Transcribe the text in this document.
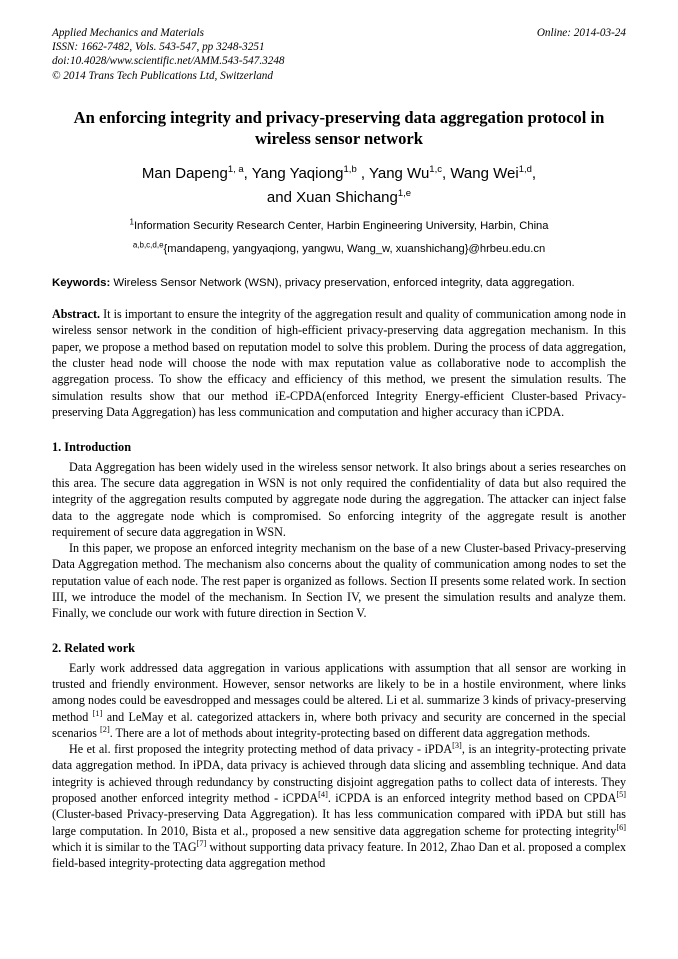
Applied Mechanics and Materials	Online: 2014-03-24
ISSN: 1662-7482, Vols. 543-547, pp 3248-3251
doi:10.4028/www.scientific.net/AMM.543-547.3248
© 2014 Trans Tech Publications Ltd, Switzerland
An enforcing integrity and privacy-preserving data aggregation protocol in wireless sensor network
Man Dapeng$^{1, a}$, Yang Yaqiong$^{1,b}$ , Yang Wu$^{1,c}$, Wang Wei$^{1,d}$,
and Xuan Shichang$^{1,e}$
$^1$Information Security Research Center, Harbin Engineering University, Harbin, China
$^{a,b,c,d,e}${mandapeng, yangyaqiong, yangwu, Wang_w, xuanshichang}@hrbeu.edu.cn
Keywords: Wireless Sensor Network (WSN), privacy preservation, enforced integrity, data aggregation.
Abstract. It is important to ensure the integrity of the aggregation result and quality of communication among node in wireless sensor network in the condition of high-efficient privacy-preserving data aggregation mechanism. In this paper, we propose a method based on reputation model to solve this problem. During the process of data aggregation, the cluster head node will choose the node with max reputation value as collaborative node to accomplish the aggregation process. To show the efficacy and efficiency of this method, we present the simulation results. The simulation results show that our method iE-CPDA(enforced Integrity Energy-efficient Cluster-based Privacy-preserving Data Aggregation) has less communication and computation and higher accuracy than iCPDA.
1. Introduction

Data Aggregation has been widely used in the wireless sensor network. It also brings about a series researches on this area. The secure data aggregation in WSN is not only required the confidentiality of data but also required the integrity of the aggregation results computed by aggregate node during the aggregation. The attacker can inject false data to the aggregate node which is compromised. So enforcing integrity of the aggregate result is another requirement of secure data aggregation in WSN.

In this paper, we propose an enforced integrity mechanism on the base of a new Cluster-based Privacy-preserving Data Aggregation method. The mechanism also concerns about the quality of communication among nodes to set the reputation value of each node. The rest paper is organized as follows. Section II presents some related work. In section III, we introduce the model of the mechanism. In Section IV, we present the simulation results and analyze them. Finally, we conclude our work with future direction in Section V.

2. Related work

Early work addressed data aggregation in various applications with assumption that all sensor are working in trusted and friendly environment. However, sensor networks are likely to be in a hostile environment, where links among nodes could be eavesdropped and messages could be altered. Li et al. summarize 3 kinds of privacy-preserving method [1] and LeMay et al. categorized attackers in, where both privacy and security are concerned in the special scenarios [2]. There are a lot of methods about integrity-protecting based on different data aggregation methods.

He et al. first proposed the integrity protecting method of data privacy - iPDA[3], is an integrity-protecting private data aggregation method. In iPDA, data privacy is achieved through data slicing and assembling technique. And data integrity is achieved through redundancy by constructing disjoint aggregation paths to collect data of interests. They proposed another enforced integrity method - iCPDA[4]. iCPDA is an enforced integrity method based on CPDA[5](Cluster-based Privacy-preserving Data Aggregation). It has less communication compared with iPDA but still has large computation. In 2010, Bista et al., proposed a new sensitive data aggregation scheme for protecting integrity[6] which it is similar to the TAG[7] without supporting data privacy feature. In 2012, Zhao Dan et al. proposed a complex field-based integrity-protecting data aggregation method
